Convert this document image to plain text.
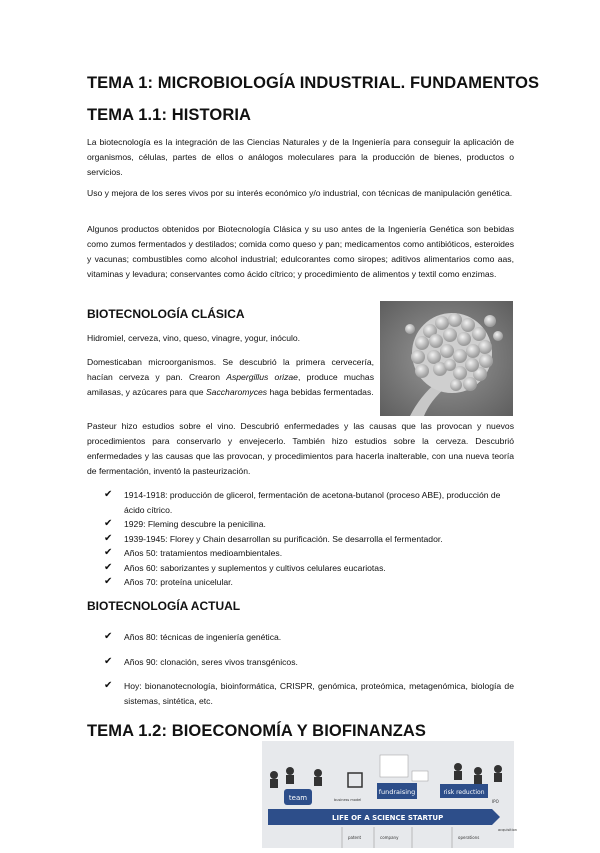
TEMA 1: MICROBIOLOGÍA INDUSTRIAL. FUNDAMENTOS
TEMA 1.1: HISTORIA
La biotecnología es la integración de las Ciencias Naturales y de la Ingeniería para conseguir la aplicación de organismos, células, partes de ellos o análogos moleculares para la producción de bienes, productos o servicios.
Uso y mejora de los seres vivos por su interés económico y/o industrial, con técnicas de manipulación genética.
Algunos productos obtenidos por Biotecnología Clásica y su uso antes de la Ingeniería Genética son bebidas como zumos fermentados y destilados; comida como queso y pan; medicamentos como antibióticos, esteroides y vacunas; combustibles como alcohol industrial; edulcorantes como siropes; aditivos alimentarios como aas, vitaminas y levadura; conservantes como ácido cítrico; y procedimiento de alimentos y textil como enzimas.
BIOTECNOLOGÍA CLÁSICA
Hidromiel, cerveza, vino, queso, vinagre, yogur, inóculo.
Domesticaban microorganismos. Se descubrió la primera cervecería, hacían cerveza y pan. Crearon Aspergillus orizae, produce muchas amilasas, y azúcares para que Saccharomyces haga bebidas fermentadas.
Pasteur hizo estudios sobre el vino. Descubrió enfermedades y las causas que las provocan y nuevos procedimientos para conservarlo y envejecerlo. También hizo estudios sobre la cerveza. Descubrió enfermedades y las causas que las provocan, y procedimientos para hacerla inalterable, con una nueva teoría de fermentación, inventó la pasteurización.
✔ 1914-1918: producción de glicerol, fermentación de acetona-butanol (proceso ABE), producción de ácido cítrico.
✔ 1929: Fleming descubre la penicilina.
✔ 1939-1945: Florey y Chain desarrollan su purificación. Se desarrolla el fermentador.
✔ Años 50: tratamientos medioambientales.
✔ Años 60: saborizantes y suplementos y cultivos celulares eucariotas.
✔ Años 70: proteína unicelular.
BIOTECNOLOGÍA ACTUAL
✔ Años 80: técnicas de ingeniería genética.
✔ Años 90: clonación, seres vivos transgénicos.
✔ Hoy: bionanotecnología, bioinformática, CRISPR, genómica, proteómica, metagenómica, biología de sistemas, sintética, etc.
TEMA 1.2: BIOECONOMÍA Y BIOFINANZAS
team
fundraising	risk reduction
business model	IPO
LIFE OF A SCIENCE STARTUP
acquisition
patent	company	operations
